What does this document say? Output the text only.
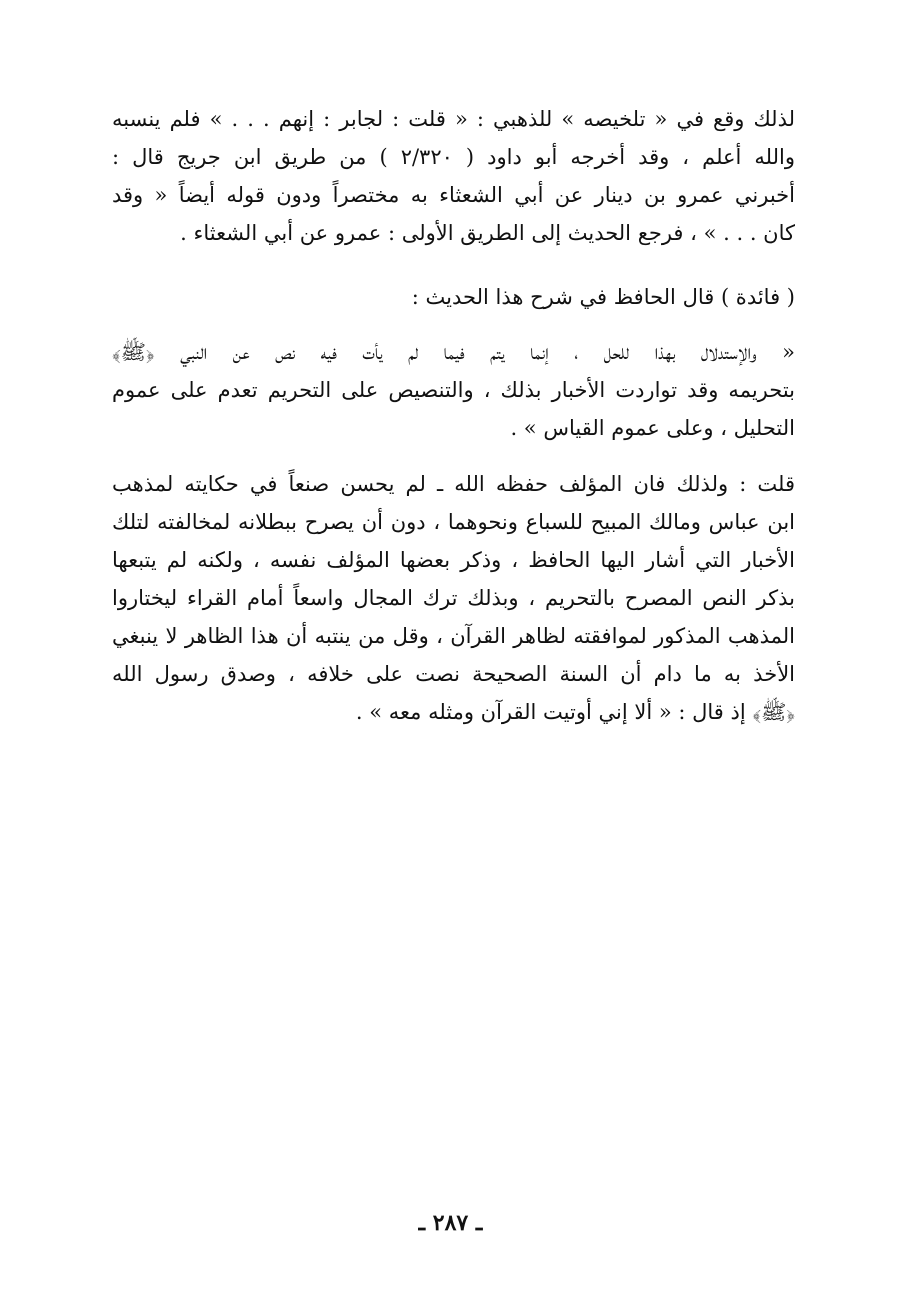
لذلك وقع في « تلخيصه » للذهبي : « قلت : لجابر : إنهم . . . » فلم ينسبه
والله أعلم ، وقد أخرجه أبو داود ( ٢/٣٢٠ ) من طريق ابن جريج قال :
أخبرني عمرو بن دينار عن أبي الشعثاء به مختصراً ودون قوله أيضاً « وقد
كان . . . » ، فرجع الحديث إلى الطريق الأولى : عمرو عن أبي الشعثاء .
( فائدة ) قال الحافظ في شرح هذا الحديث :
« والإستدلال بهذا للحل ، إنما يتم فيما لم يأت فيه نص عن النبي ﴿ﷺ﴾
بتحريمه وقد تواردت الأخبار بذلك ، والتنصيص على التحريم تعدم على عموم
التحليل ، وعلى عموم القياس » .
قلت : ولذلك فان المؤلف حفظه الله ـ لم يحسن صنعاً في حكايته لمذهب
ابن عباس ومالك المبيح للسباع ونحوهما ، دون أن يصرح ببطلانه لمخالفته لتلك
الأخبار التي أشار اليها الحافظ ، وذكر بعضها المؤلف نفسه ، ولكنه لم يتبعها
بذكر النص المصرح بالتحريم ، وبذلك ترك المجال واسعاً أمام القراء ليختاروا
المذهب المذكور لموافقته لظاهر القرآن ، وقل من ينتبه أن هذا الظاهر لا ينبغي
الأخذ به ما دام أن السنة الصحيحة نصت على خلافه ، وصدق رسول الله
﴿ﷺ﴾ إذ قال : « ألا إني أوتيت القرآن ومثله معه » .
ـ ٢٨٧ ـ
